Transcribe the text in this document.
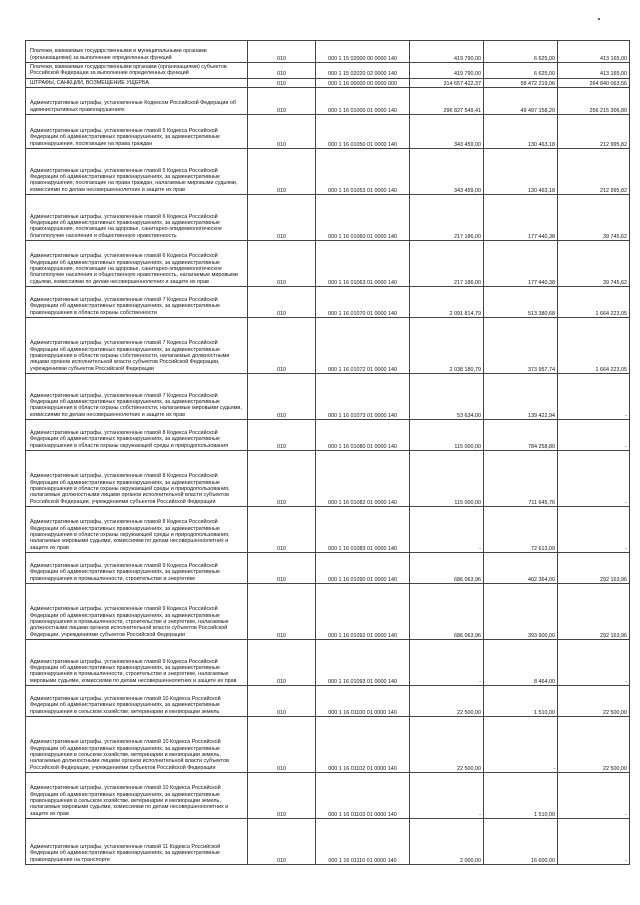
Платежи, взимаемые государственными и муниципальными органами (организациями) за выполнение определенных функций	010	000 1 15 02000 00 0000 140	419 790,00	6 625,00	413 165,00
Платежи, взимаемые государственными органами (организациями) субъектов Российской Федерации за выполнение определенных функций	010	000 1 15 02020 02 0000 140	419 790,00	6 625,00	413 165,00
ШТРАФЫ, САНКЦИИ, ВОЗМЕЩЕНИЕ УЩЕРБА	010	000 1 16 00000 00 0000 000	314 657 422,37	58 472 219,06	264 840 063,56
Административные штрафы, установленные Кодексом Российской Федерации об административных правонарушениях	010	000 1 16 01000 01 0000 140	296 827 549,41	49 497 158,20	256 215 306,80
Административные штрафы, установленные главой 5 Кодекса Российской Федерации об административных правонарушениях, за административные правонарушения, посягающие на права граждан	010	000 1 16 01050 01 0000 140	343 459,00	130 463,18	212 995,82
Административные штрафы, установленные главой 5 Кодекса Российской Федерации об административных правонарушениях, за административные правонарушения, посягающие на права граждан, налагаемые мировыми судьями, комиссиями по делам несовершеннолетних и защите их прав	010	000 1 16 01053 01 0000 140	343 459,00	130 463,18	212 995,82
Административные штрафы, установленные главой 6 Кодекса Российской Федерации об административных правонарушениях, за административные правонарушения, посягающие на здоровье, санитарно-эпидемиологическое благополучие населения и общественную нравственность	010	000 1 16 01060 01 0000 140	217 186,00	177 440,38	39 745,62
Административные штрафы, установленные главой 6 Кодекса Российской Федерации об административных правонарушениях, за административные правонарушения, посягающие на здоровье, санитарно-эпидемиологическое благополучие населения и общественную нравственность, налагаемые мировыми судьями, комиссиями по делам несовершеннолетних и защите их прав	010	000 1 16 01063 01 0000 140	217 186,00	177 440,38	39 745,62
Административные штрафы, установленные главой 7 Кодекса Российской Федерации об административных правонарушениях, за административные правонарушения в области охраны собственности	010	000 1 16 01070 01 0000 140	2 091 814,79	513 380,68	1 664 223,05
Административные штрафы, установленные главой 7 Кодекса Российской Федерации об административных правонарушениях, за административные правонарушения в области охраны собственности, налагаемые должностными лицами органов исполнительной власти субъектов Российской Федерации, учреждениями субъектов Российской Федерации	010	000 1 16 01072 01 0000 140	2 038 180,79	373 957,74	1 664 223,05
Административные штрафы, установленные главой 7 Кодекса Российской Федерации об административных правонарушениях, за административные правонарушения в области охраны собственности, налагаемые мировыми судьями, комиссиями по делам несовершеннолетних и защите их прав	010	000 1 16 01073 01 0000 140	53 634,00	139 422,94	-
Административные штрафы, установленные главой 8 Кодекса Российской Федерации об административных правонарушениях, за административные правонарушения в области охраны окружающей среды и природопользования	010	000 1 16 01080 01 0000 140	115 000,00	784 258,80	-
Административные штрафы, установленные главой 8 Кодекса Российской Федерации об административных правонарушениях, за административные правонарушения в области охраны окружающей среды и природопользования, налагаемые должностными лицами органов исполнительной власти субъектов Российской Федерации, учреждениями субъектов Российской Федерации	010	000 1 16 01082 01 0000 140	115 000,00	711 645,76	-
Административные штрафы, установленные главой 8 Кодекса Российской Федерации об административных правонарушениях, за административные правонарушения в области охраны окружающей среды и природопользования, налагаемые мировыми судьями, комиссиями по делам несовершеннолетних и защите их прав	010	000 1 16 01083 01 0000 140	-	72 613,09	-
Административные штрафы, установленные главой 9 Кодекса Российской Федерации об административных правонарушениях, за административные правонарушения в промышленности, строительстве и энергетике	010	000 1 16 01090 01 0000 140	686 063,96	402 364,00	292 163,96
Административные штрафы, установленные главой 9 Кодекса Российской Федерации об административных правонарушениях, за административные правонарушения в промышленности, строительстве и энергетике, налагаемые должностными лицами органов исполнительной власти субъектов Российской Федерации, учреждениями субъектов Российской Федерации	010	000 1 16 01092 01 0000 140	686 063,96	393 900,00	292 163,96
Административные штрафы, установленные главой 9 Кодекса Российской Федерации об административных правонарушениях, за административные правонарушения в промышленности, строительстве и энергетике, налагаемые мировыми судьями, комиссиями по делам несовершеннолетних и защите их прав	010	000 1 16 01093 01 0000 140	-	8 464,00	-
Административные штрафы, установленные главой 10 Кодекса Российской Федерации об административных правонарушениях, за административные правонарушения в сельском хозяйстве, ветеринарии и мелиорации земель	010	000 1 16 01100 01 0000 140	22 500,00	1 510,00	22 500,00
Административные штрафы, установленные главой 10 Кодекса Российской Федерации об административных правонарушениях, за административные правонарушения в сельском хозяйстве, ветеринарии и мелиорации земель, налагаемые должностными лицами органов исполнительной власти субъектов Российской Федерации, учреждениями субъектов Российской Федерации	010	000 1 16 01102 01 0000 140	22 500,00	-	22 500,00
Административные штрафы, установленные главой 10 Кодекса Российской Федерации об административных правонарушениях, за административные правонарушения в сельском хозяйстве, ветеринарии и мелиорации земель, налагаемые мировыми судьями, комиссиями по делам несовершеннолетних и защите их прав	010	000 1 16 01103 01 0000 140	-	1 510,00	-
Административные штрафы, установленные главой 11 Кодекса Российской Федерации об административных правонарушениях, за административные правонарушения на транспорте	010	000 1 16 01110 01 0000 140	2 000,00	16 600,00	-
